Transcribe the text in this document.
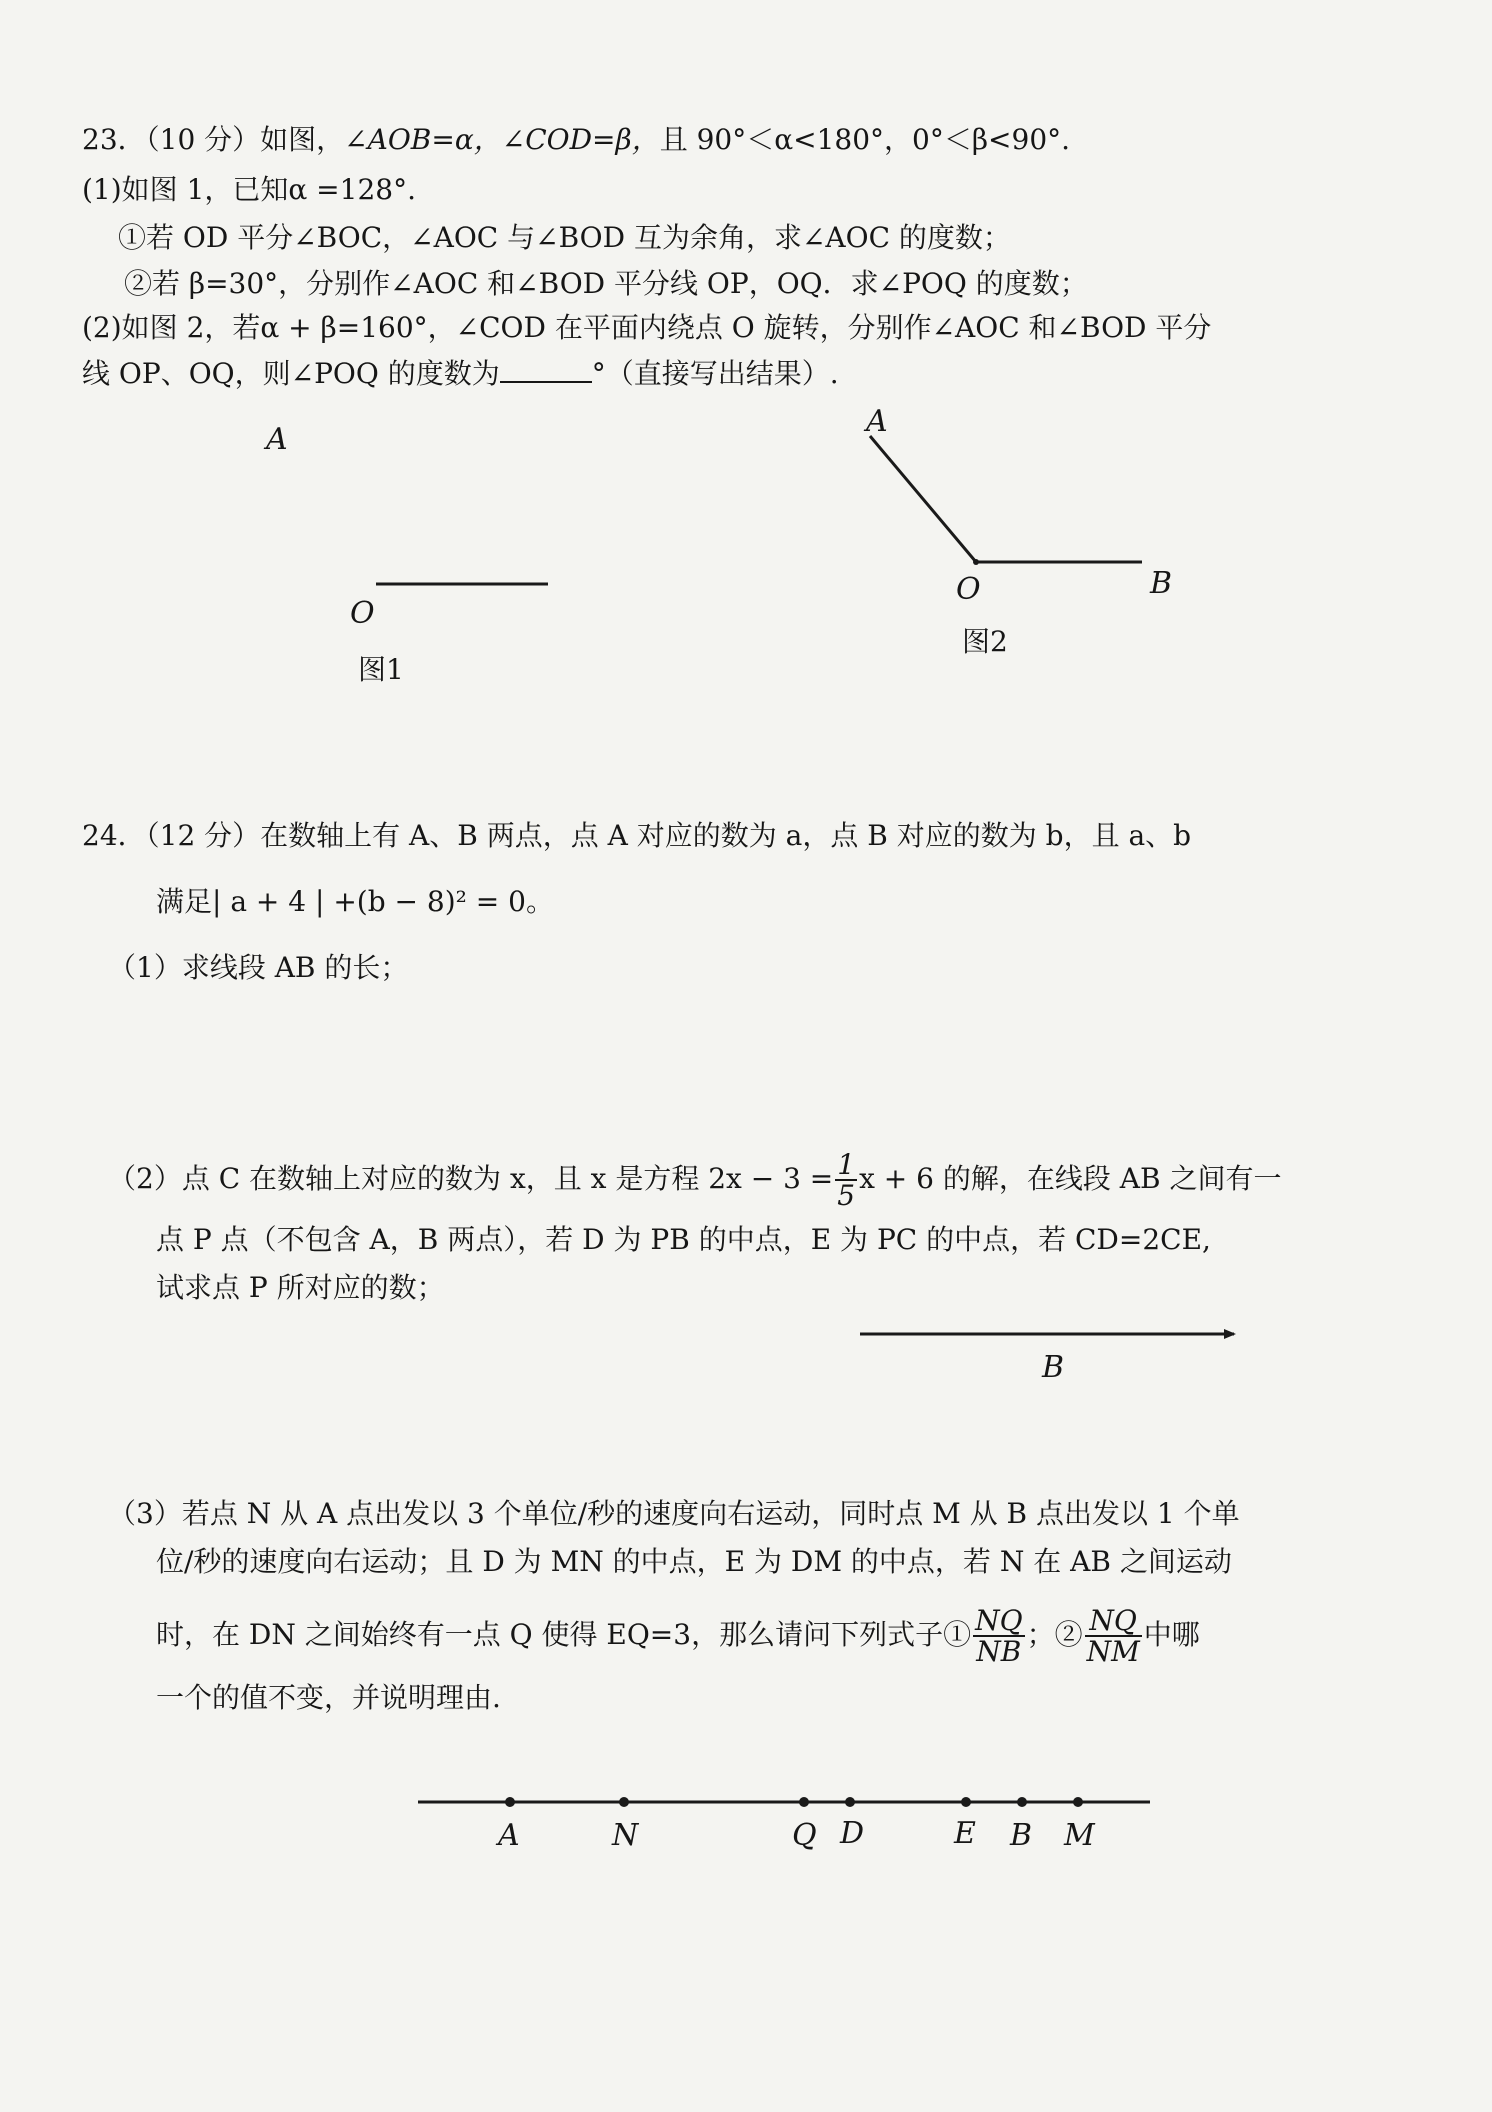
23．（10 分）如图，∠AOB=α，∠COD=β，且 90°＜α<180°，0°＜β<90°.
(1)如图 1，已知α =128°.
①若 OD 平分∠BOC，∠AOC 与∠BOD 互为余角，求∠AOC 的度数；
②若 β=30°，分别作∠AOC 和∠BOD 平分线 OP，OQ．求∠POQ 的度数；
(2)如图 2，若α + β=160°，∠COD 在平面内绕点 O 旋转，分别作∠AOC 和∠BOD 平分
线 OP、OQ，则∠POQ 的度数为	°（直接写出结果）.
A
O
图1
A
O	B
图2
24．（12 分）在数轴上有 A、B 两点，点 A 对应的数为 a，点 B 对应的数为 b，且 a、b
满足| a + 4 | +(b − 8)² = 0。
（1）求线段 AB 的长；
（2）点 C 在数轴上对应的数为 x，且 x 是方程 $2x - 3 = \frac{1}{5}$ x + 6 的解，在线段 AB 之间有一
点 P 点（不包含 A，B 两点），若 D 为 PB 的中点，E 为 PC 的中点，若 CD=2CE,
试求点 P 所对应的数；
B
（3）若点 N 从 A 点出发以 3 个单位/秒的速度向右运动，同时点 M 从 B 点出发以 1 个单
位/秒的速度向右运动；且 D 为 MN 的中点，E 为 DM 的中点，若 N 在 AB 之间运动
时，在 DN 之间始终有一点 Q 使得 EQ=3，那么请问下列式子① $\frac{NQ}{NB}$ ；② $\frac{NQ}{NM}$ 中哪
一个的值不变，并说明理由.
A	N	Q D	E B M
